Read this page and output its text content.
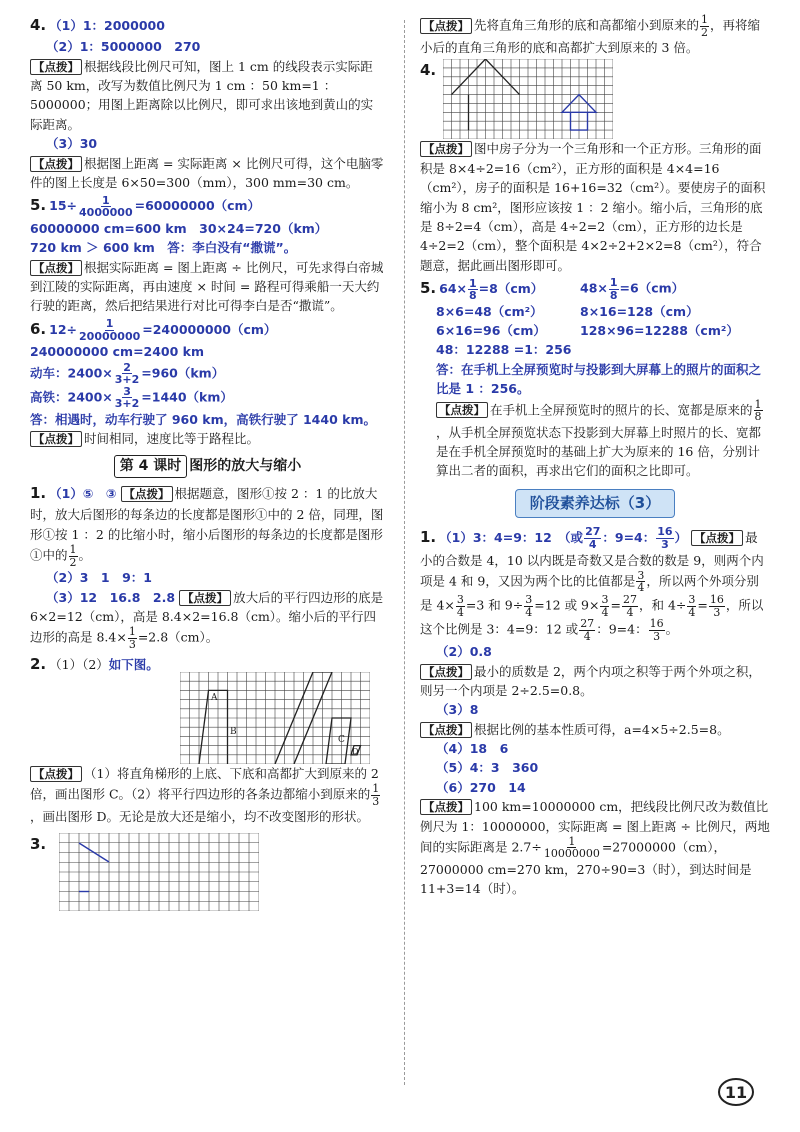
4. （1）1：2000000
（2）1：5000000　270
【点拨】 根据线段比例尺可知，图上 1 cm 的线段表示实际距离 50 km，改写为数值比例尺为 1 cm ：50 km=1 ：5000000；用图上距离除以比例尺，即可求出该地到黄山的实际距离。
（3）30
【点拨】 根据图上距离 = 实际距离 × 比例尺可得，这个电脑零件的图上长度是 6×50=300（mm），300 mm=30 cm。
5. $15\div \frac{1}{4000000} =60000000(cm)$
60000000 cm=600 km　30×24=720（km）
720 km ＞ 600 km　答：李白没有“撒谎”。
【点拨】 根据实际距离 = 图上距离 ÷ 比例尺，可先求得白帝城到江陵的实际距离，再由速度 × 时间 = 路程可得乘船一天大约行驶的距离，然后把结果进行对比可得李白是否“撒谎”。
6. $12\div \frac{1}{20000000} =240000000(cm)$
240000000 cm=2400 km
动车：$2400\times \frac{2}{3+2} =960(km)$
高铁：$2400\times \frac{3}{3+2} =1440(km)$
答：相遇时，动车行驶了 960 km，高铁行驶了 1440 km。
【点拨】 时间相同，速度比等于路程比。
第 4 课时 图形的放大与缩小
1. （1）⑤　③ 【点拨】 根据题意，图形①按 2 ：1 的比放大时，放大后图形的每条边的长度都是图形①中的 2 倍，同理，图形①按 1 ：2 的比缩小时，缩小后图形的每条边的长度都是图形①中的 $\frac{1}{2}$ 。
（2）3　1　9：1
（3）12　16.8　2.8 【点拨】 放大后的平行四边形的底是 6×2=12（cm），高是 8.4×2=16.8（cm）。缩小后的平行四边形的高是 $8.4\times \frac{1}{3} =2.8(cm)$。
2. （1）（2）如下图。
A
B
C
D
【点拨】 （1）将直角梯形的上底、下底和高都扩大到原来的 2 倍，画出图形 C。（2）将平行四边形的各条边都缩小到原来的 $\frac{1}{3}$
，画出图形 D。无论是放大还是缩小，均不改变图形的形状。
3.
【点拨】 先将直角三角形的底和高都缩小到原来的 $\frac{1}{2}$ ，再将缩小后的直角三角形的底和高都扩大到原来的 3 倍。
4.
【点拨】 图中房子分为一个三角形和一个正方形。三角形的面积是 8×4÷2=16（cm²），正方形的面积是 4×4=16（cm²），房子的面积是 16+16=32（cm²）。要使房子的面积缩小为 8 cm²，图形应该按 1 ：2 缩小。缩小后，三角形的底是 8÷2=4（cm），高是 4÷2=2（cm），正方形的边长是 4÷2=2（cm），整个面积是 4×2÷2+2×2=8（cm²），符合题意，据此画出图形即可。
5. $64\times \frac{1}{8} =8(cm)$	$48\times \frac{1}{8} =6(cm)$
8×6=48（cm²）	8×16=128（cm）
6×16=96（cm）	128×96=12288（cm²）
48：12288 =1：256
答：在手机上全屏预览时与投影到大屏幕上的照片的面积之比是 1 ：256。
【点拨】 在手机上全屏预览时的照片的长、宽都是原来的 $\frac{1}{8}$
，从手机全屏预览状态下投影到大屏幕上时照片的长、宽都是在手机全屏预览时的基础上扩大为原来的 16 倍，分别计算出二者的面积，再求出它们的面积之比即可。
阶段素养达标（3）
1. （1）3：4=9：12　（或 $\frac{27}{4}$ ：9=4： $\frac{16}{3}$ ） 【点拨】 最小的合数是 4，10 以内既是奇数又是合数的数是 9，则两个内项是 4 和 9，又因为两个比的比值都是 $\frac{3}{4}$ ，所以两个外项分别是 $4\times \frac{3}{4} =3$ 和 $9\div \frac{3}{4} =12$ 或 $9\times \frac{3}{4} = \frac{27}{4}$ ，和 $4\div \frac{3}{4} = \frac{16}{3}$ ，所以这个比例是 3：4=9：12 或 $\frac{27}{4}$ ：9=4： $\frac{16}{3}$ 。
（2）0.8
【点拨】 最小的质数是 2，两个内项之积等于两个外项之积，则另一个内项是 2÷2.5=0.8。
（3）8
【点拨】 根据比例的基本性质可得，a=4×5÷2.5=8。
（4）18　6
（5）4：3　360
（6）270　14
【点拨】 100 km=10000000 cm，把线段比例尺改为数值比例尺为 1：10000000，实际距离 = 图上距离 ÷ 比例尺，两地间的实际距离是 $2.7\div \frac{1}{10000000} =27000000(cm)$，27000000 cm=270 km，270÷90=3（时），到达时间是 11+3=14（时）。
11
